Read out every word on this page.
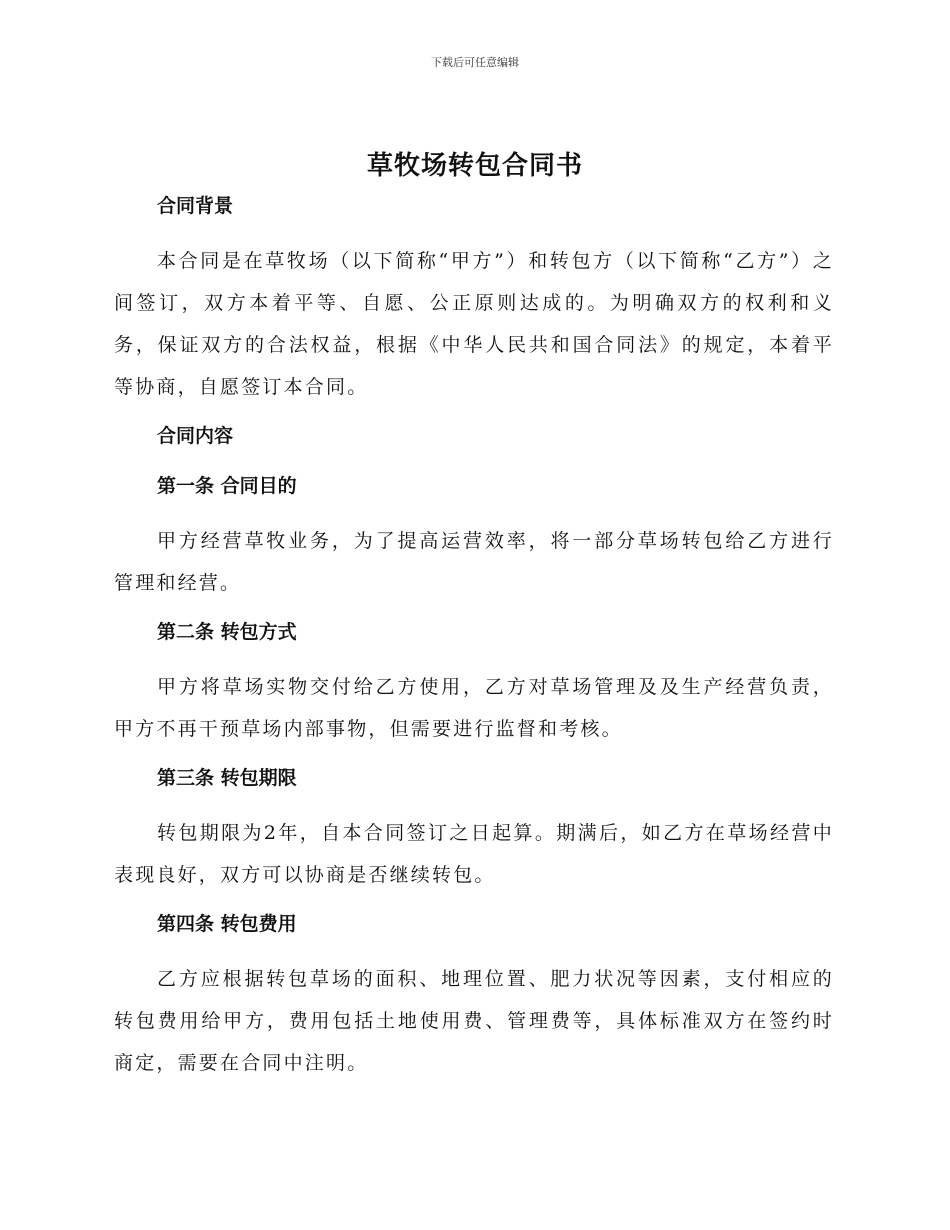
下载后可任意编辑
草牧场转包合同书
合同背景

本合同是在草牧场（以下简称“甲方”）和转包方（以下简称“乙方”）之间签订，双方本着平等、自愿、公正原则达成的。为明确双方的权利和义务，保证双方的合法权益，根据《中华人民共和国合同法》的规定，本着平等协商，自愿签订本合同。

合同内容
第一条 合同目的

甲方经营草牧业务，为了提高运营效率，将一部分草场转包给乙方进行管理和经营。

第二条 转包方式

甲方将草场实物交付给乙方使用，乙方对草场管理及及生产经营负责，甲方不再干预草场内部事物，但需要进行监督和考核。

第三条 转包期限

转包期限为2年，自本合同签订之日起算。期满后，如乙方在草场经营中表现良好，双方可以协商是否继续转包。

第四条 转包费用

乙方应根据转包草场的面积、地理位置、肥力状况等因素，支付相应的转包费用给甲方，费用包括土地使用费、管理费等，具体标准双方在签约时商定，需要在合同中注明。
